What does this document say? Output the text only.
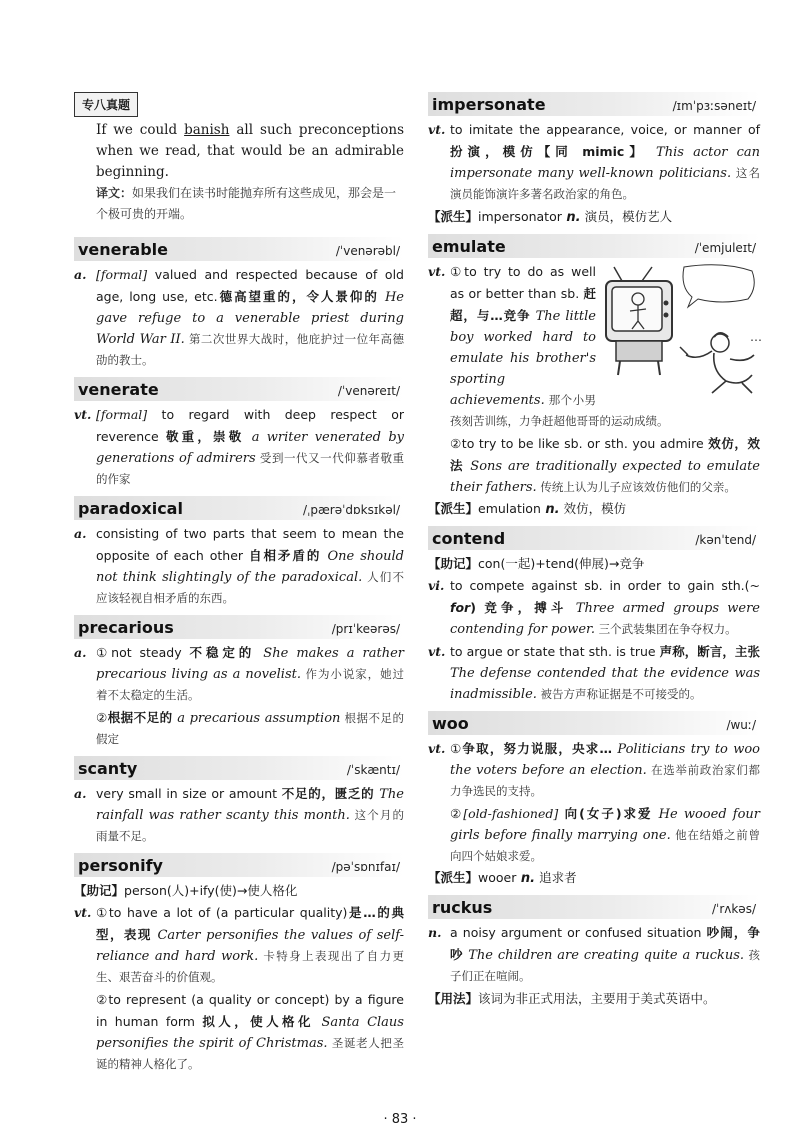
专八真题

If we could banish all such preconceptions when we read, that would be an admirable beginning.

译文：如果我们在读书时能抛弃所有这些成见，那会是一个极可贵的开端。

venerable	/ˈvenərəbl/
a. [formal] valued and respected because of old age, long use, etc.德高望重的，令人景仰的 He gave refuge to a venerable priest during World War II. 第二次世界大战时，他庇护过一位年高德劭的教士。
venerate	/ˈvenəreɪt/
vt. [formal] to regard with deep respect or reverence 敬重，崇敬 a writer venerated by generations of admirers 受到一代又一代仰慕者敬重的作家
paradoxical	/ˌpærəˈdɒksɪkəl/
a. consisting of two parts that seem to mean the opposite of each other 自相矛盾的 One should not think slightingly of the paradoxical. 人们不应该轻视自相矛盾的东西。
precarious	/prɪˈkeərəs/
a. ①not steady 不稳定的 She makes a rather precarious living as a novelist. 作为小说家，她过着不太稳定的生活。
②根据不足的 a precarious assumption 根据不足的假定
scanty	/ˈskæntɪ/
a. very small in size or amount 不足的，匮乏的 The rainfall was rather scanty this month. 这个月的雨量不足。
personify	/pəˈsɒnɪfaɪ/
【助记】person(人)+ify(使)→使人格化
vt. ①to have a lot of (a particular quality)是…的典型，表现 Carter personifies the values of self-reliance and hard work. 卡特身上表现出了自力更生、艰苦奋斗的价值观。
②to represent (a quality or concept) by a figure in human form 拟人，使人格化 Santa Claus personifies the spirit of Christmas. 圣诞老人把圣诞的精神人格化了。
impersonate	/ɪmˈpɜːsəneɪt/
vt. to imitate the appearance, voice, or manner of 扮演，模仿【同 mimic】 This actor can impersonate many well-known politicians. 这名演员能饰演许多著名政治家的角色。
【派生】impersonator n. 演员，模仿艺人
emulate	/ˈemjuleɪt/
vt.
…
①to try to do as well as or better than sb. 赶超，与…竞争 The little boy worked hard to emulate his brother's sporting achievements. 那个小男孩刻苦训练，力争赶超他哥哥的运动成绩。
②to try to be like sb. or sth. you admire 效仿，效法 Sons are traditionally expected to emulate their fathers. 传统上认为儿子应该效仿他们的父亲。
【派生】emulation n. 效仿，模仿
contend	/kənˈtend/
【助记】con(一起)+tend(伸展)→竞争
vi. to compete against sb. in order to gain sth.(~ for) 竞争，搏斗 Three armed groups were contending for power. 三个武装集团在争夺权力。
vt. to argue or state that sth. is true 声称，断言，主张 The defense contended that the evidence was inadmissible. 被告方声称证据是不可接受的。
woo	/wuː/
vt. ①争取，努力说服，央求… Politicians try to woo the voters before an election. 在选举前政治家们都力争选民的支持。
②[old-fashioned] 向(女子)求爱 He wooed four girls before finally marrying one. 他在结婚之前曾向四个姑娘求爱。
【派生】wooer n. 追求者
ruckus	/ˈrʌkəs/
n. a noisy argument or confused situation 吵闹，争吵 The children are creating quite a ruckus. 孩子们正在喧闹。
【用法】该词为非正式用法，主要用于美式英语中。
· 83 ·
